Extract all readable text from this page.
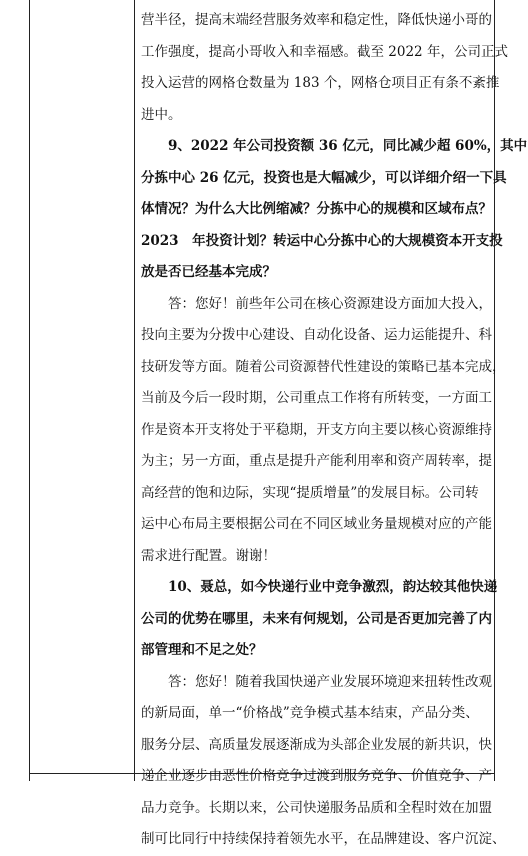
营半径，提高末端经营服务效率和稳定性，降低快递小哥的
工作强度，提高小哥收入和幸福感。截至 2022 年，公司正式
投入运营的网格仓数量为 183 个，网格仓项目正有条不紊推
进中。
　　9、2022 年公司投资额 36 亿元，同比减少超 60%，其中
分拣中心 26 亿元，投资也是大幅减少，可以详细介绍一下具
体情况？为什么大比例缩减？分拣中心的规模和区域布点？
2023　年投资计划？转运中心分拣中心的大规模资本开支投
放是否已经基本完成？
　　答：您好！前些年公司在核心资源建设方面加大投入，
投向主要为分拨中心建设、自动化设备、运力运能提升、科
技研发等方面。随着公司资源替代性建设的策略已基本完成，
当前及今后一段时期，公司重点工作将有所转变，一方面工
作是资本开支将处于平稳期，开支方向主要以核心资源维持
为主；另一方面，重点是提升产能利用率和资产周转率，提
高经营的饱和边际，实现“提质增量”的发展目标。公司转
运中心布局主要根据公司在不同区域业务量规模对应的产能
需求进行配置。谢谢！
　　10、聂总，如今快递行业中竞争激烈，韵达较其他快递
公司的优势在哪里，未来有何规划，公司是否更加完善了内
部管理和不足之处？
　　答：您好！随着我国快递产业发展环境迎来扭转性改观
的新局面，单一“价格战”竞争模式基本结束，产品分类、
服务分层、高质量发展逐渐成为头部企业发展的新共识，快
递企业逐步由恶性价格竞争过渡到服务竞争、价值竞争、产
品力竞争。长期以来，公司快递服务品质和全程时效在加盟
制可比同行中持续保持着领先水平，在品牌建设、客户沉淀、
